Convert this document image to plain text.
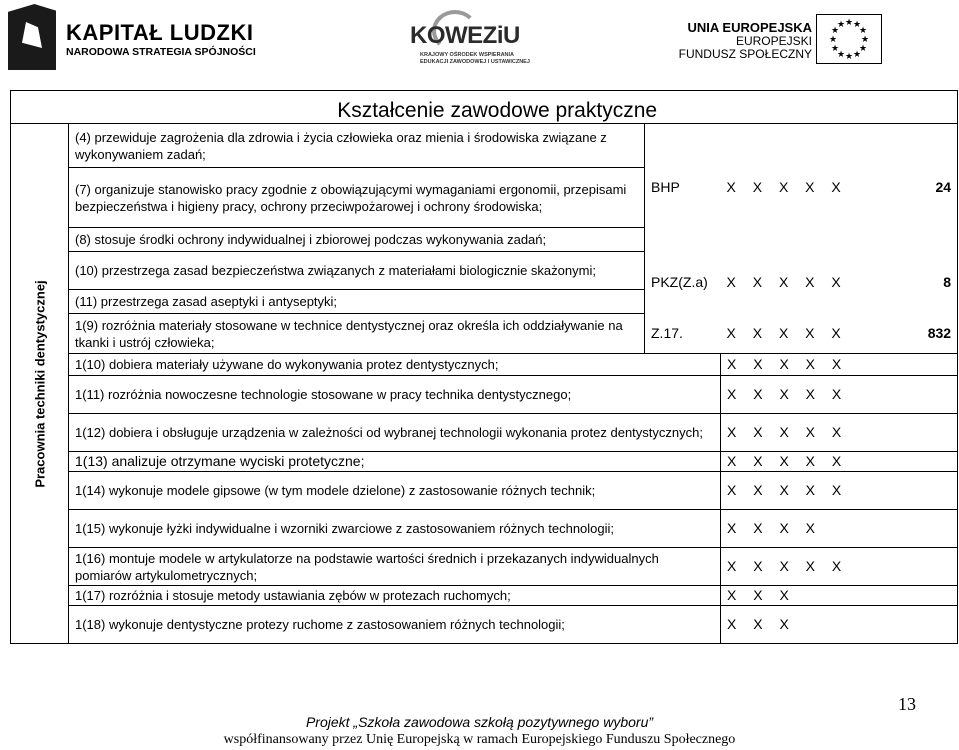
KAPITAŁ LUDZKI
NARODOWA STRATEGIA SPÓJNOŚCI
KOWEZiU
KRAJOWY OŚRODEK WSPIERANIA
EDUKACJI ZAWODOWEJ I USTAWICZNEJ
UNIA EUROPEJSKA
EUROPEJSKI
FUNDUSZ SPOŁECZNY
★ ★
★
★
★
★
★
★
★
★
★
★
Kształcenie zawodowe praktyczne				

Pracownia techniki dentystycznej	(4) przewiduje zagrożenia dla zdrowia i życia człowieka oraz mienia i środowiska związane z wykonywaniem zadań;	BHP	X X X X X	24
	(7) organizuje stanowisko pracy zgodnie z obowiązującymi wymaganiami ergonomii, przepisami bezpieczeństwa i higieny pracy, ochrony przeciwpożarowej i ochrony środowiska;			
	(8) stosuje środki ochrony indywidualnej i zbiorowej podczas wykonywania zadań;			
	(10) przestrzega zasad bezpieczeństwa związanych z materiałami biologicznie skażonymi;	PKZ(Z.a)	X X X X X	8
	(11) przestrzega zasad aseptyki i antyseptyki;			
	1(9) rozróżnia materiały stosowane w technice dentystycznej oraz określa ich oddziaływanie na tkanki i ustrój człowieka;	Z.17.	X X X X X	832
	1(10) dobiera materiały używane do wykonywania protez dentystycznych;		X X X X X	
	1(11) rozróżnia nowoczesne technologie stosowane w pracy technika dentystycznego;		X X X X X	
	1(12) dobiera i obsługuje urządzenia w zależności od wybranej technologii wykonania protez dentystycznych;		X X X X X	
	1(13) analizuje otrzymane wyciski protetyczne;		X X X X X	
	1(14) wykonuje modele gipsowe (w tym modele dzielone) z zastosowanie różnych technik;		X X X X X	
	1(15) wykonuje łyżki indywidualne i wzorniki zwarciowe z zastosowaniem różnych technologii;		X X X X	
	1(16) montuje modele w artykulatorze na podstawie wartości średnich i przekazanych indywidualnych pomiarów artykulometrycznych;		X X X X X	
	1(17) rozróżnia i stosuje metody ustawiania zębów w protezach ruchomych;		X X X	
	1(18) wykonuje dentystyczne protezy ruchome z zastosowaniem różnych technologii;		X X X	
13
Projekt „Szkoła zawodowa szkołą pozytywnego wyboru”
współfinansowany przez Unię Europejską w ramach Europejskiego Funduszu Społecznego
